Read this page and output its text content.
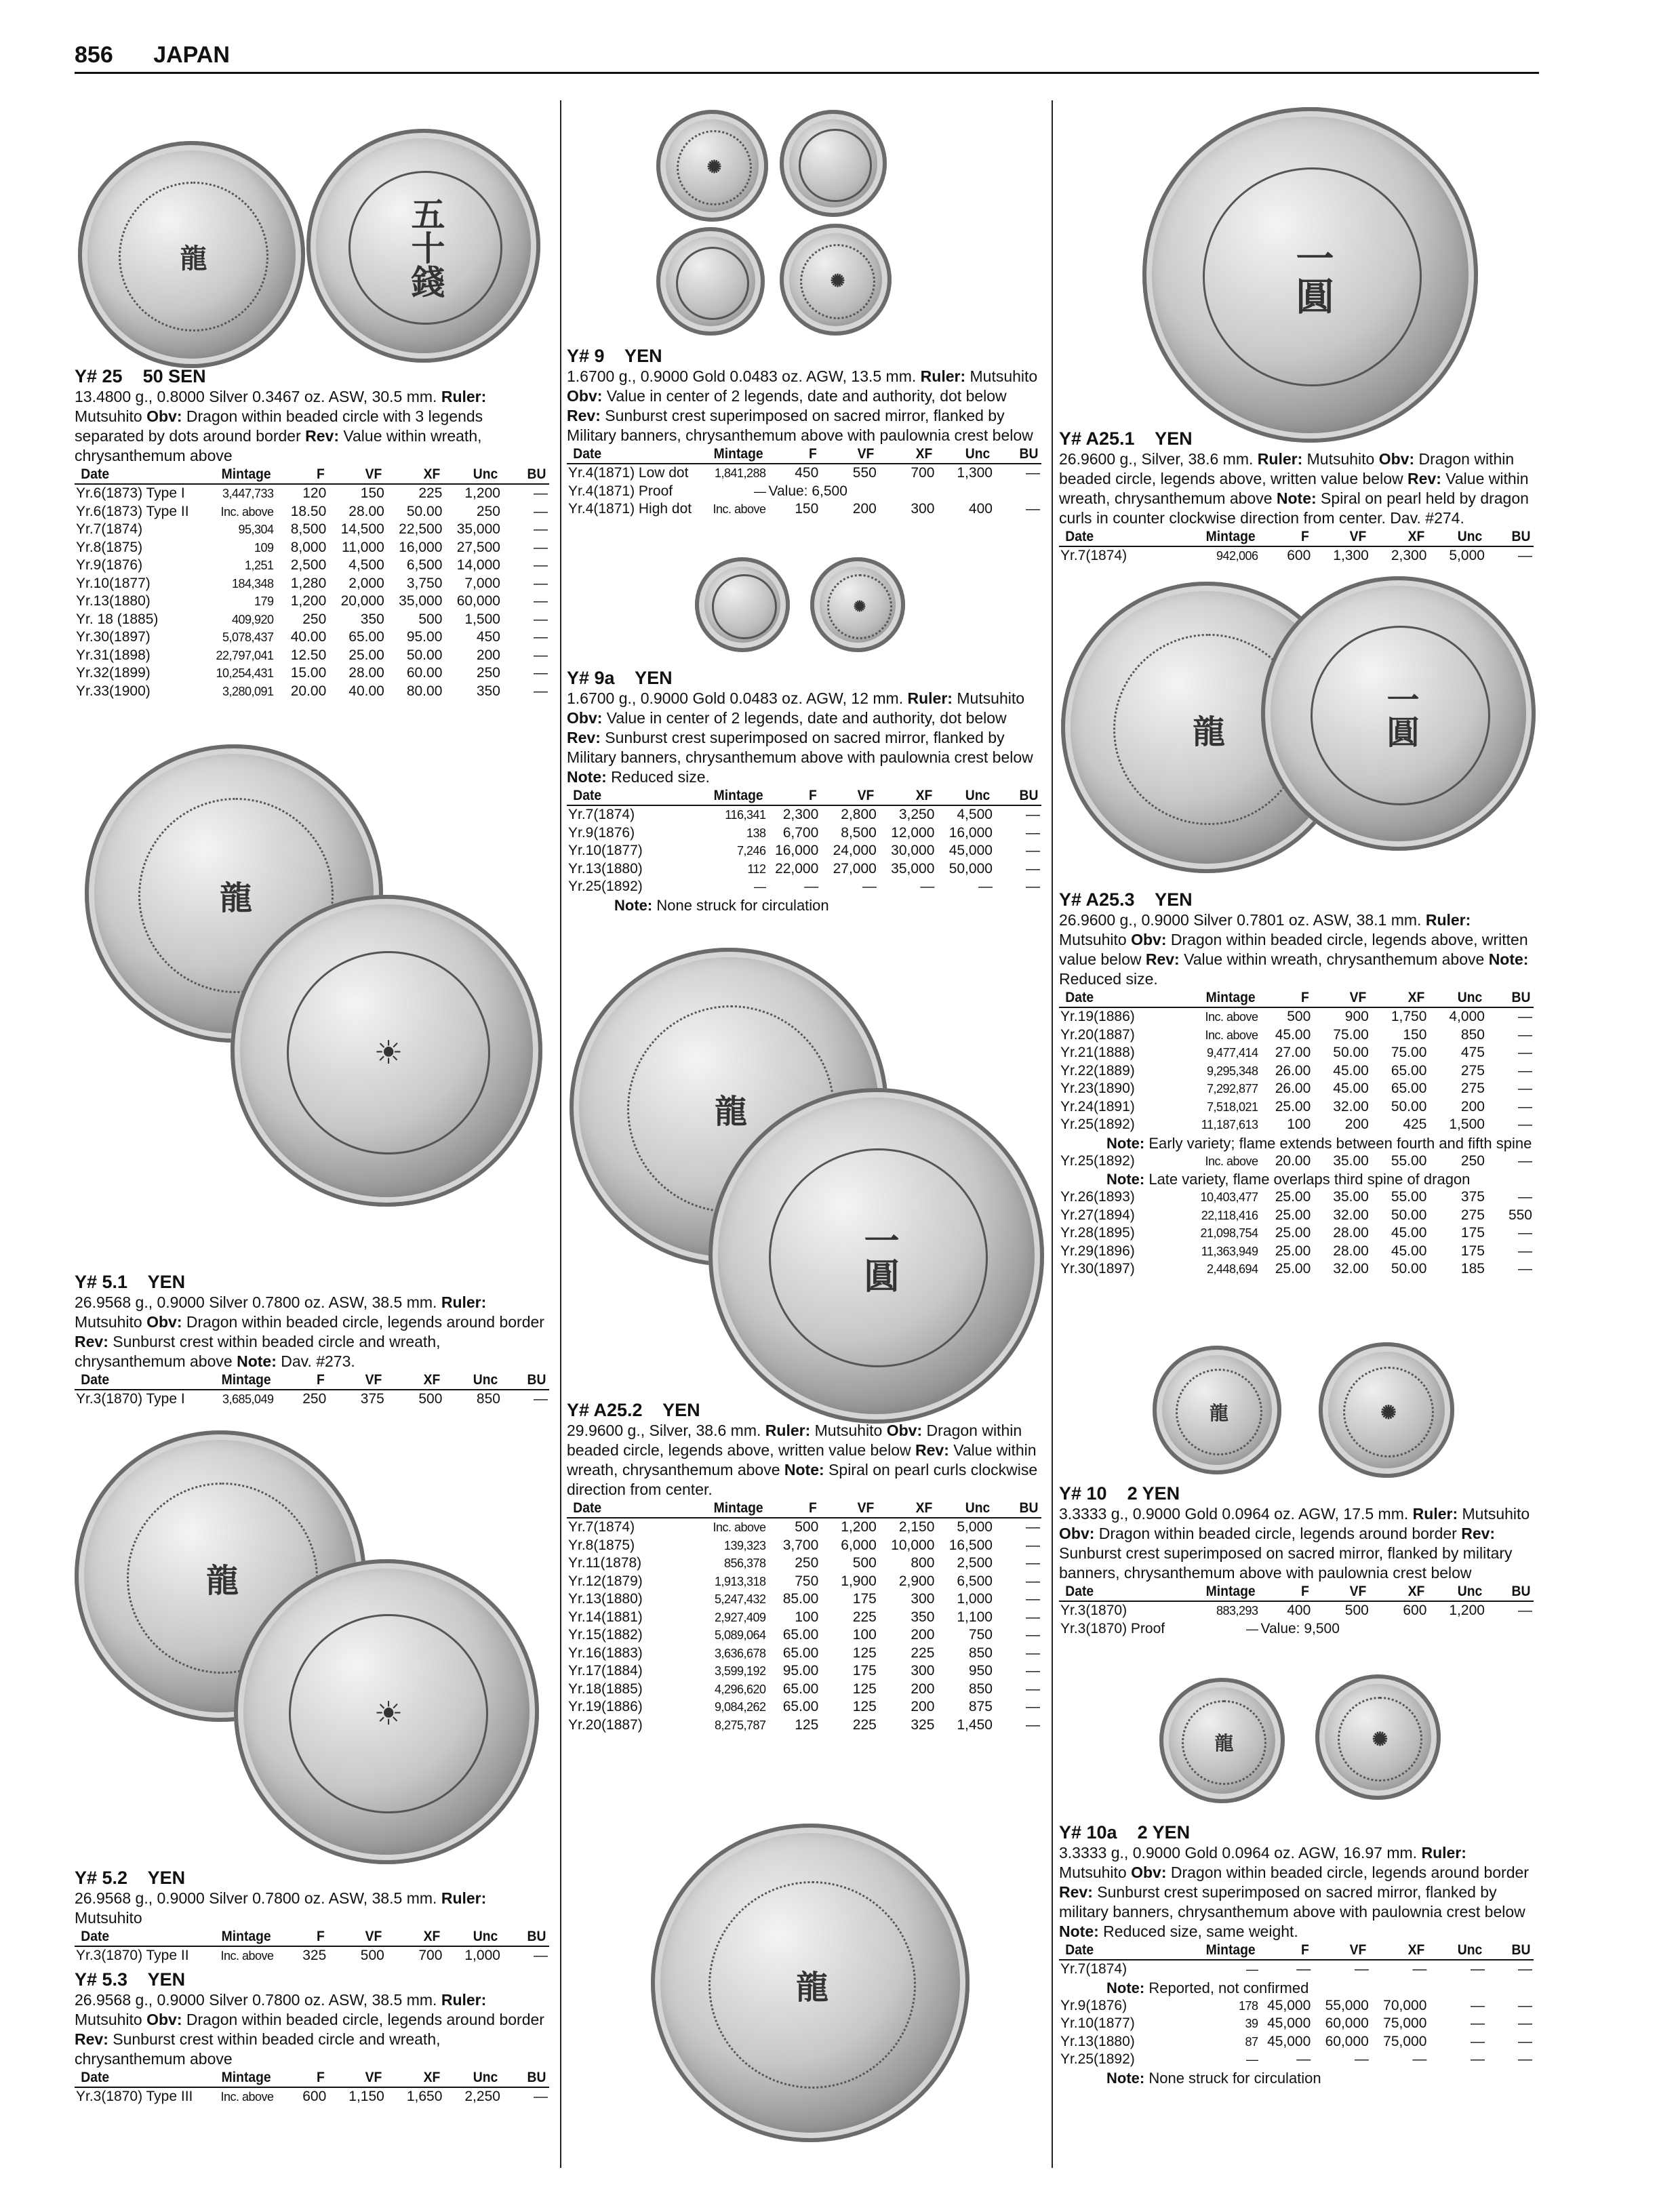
856 JAPAN
龍	五十錢
Y# 25    50 SEN
13.4800 g., 0.8000 Silver 0.3467 oz. ASW, 30.5 mm. Ruler: Mutsuhito Obv: Dragon within beaded circle with 3 legends separated by dots around border Rev: Value within wreath, chrysanthemum above
Date	Mintage	F	VF	XF	Unc	BU
Yr.6(1873) Type I	3,447,733	120	150	225	1,200	—
Yr.6(1873) Type II	Inc. above	18.50	28.00	50.00	250	—
Yr.7(1874)	95,304	8,500	14,500	22,500	35,000	—
Yr.8(1875)	109	8,000	11,000	16,000	27,500	—
Yr.9(1876)	1,251	2,500	4,500	6,500	14,000	—
Yr.10(1877)	184,348	1,280	2,000	3,750	7,000	—
Yr.13(1880)	179	1,200	20,000	35,000	60,000	—
Yr. 18 (1885)	409,920	250	350	500	1,500	—
Yr.30(1897)	5,078,437	40.00	65.00	95.00	450	—
Yr.31(1898)	22,797,041	12.50	25.00	50.00	200	—
Yr.32(1899)	10,254,431	15.00	28.00	60.00	250	—
Yr.33(1900)	3,280,091	20.00	40.00	80.00	350	—
龍
☀
Y# 5.1    YEN
26.9568 g., 0.9000 Silver 0.7800 oz. ASW, 38.5 mm. Ruler: Mutsuhito Obv: Dragon within beaded circle, legends around border Rev: Sunburst crest within beaded circle and wreath, chrysanthemum above Note: Dav. #273.
Date	Mintage	F	VF	XF	Unc	BU
Yr.3(1870) Type I	3,685,049	250	375	500	850	—
龍
☀
Y# 5.2    YEN
26.9568 g., 0.9000 Silver 0.7800 oz. ASW, 38.5 mm. Ruler: Mutsuhito
Date	Mintage	F	VF	XF	Unc	BU
Yr.3(1870) Type II	Inc. above	325	500	700	1,000	—
Y# 5.3    YEN
26.9568 g., 0.9000 Silver 0.7800 oz. ASW, 38.5 mm. Ruler: Mutsuhito Obv: Dragon within beaded circle, legends around border Rev: Sunburst crest within beaded circle and wreath, chrysanthemum above
Date	Mintage	F	VF	XF	Unc	BU
Yr.3(1870) Type III	Inc. above	600	1,150	1,650	2,250	—
✺
✺
Y# 9    YEN
1.6700 g., 0.9000 Gold 0.0483 oz. AGW, 13.5 mm. Ruler: Mutsuhito Obv: Value in center of 2 legends, date and authority, dot below Rev: Sunburst crest superimposed on sacred mirror, flanked by Military banners, chrysanthemum above with paulownia crest below
Date	Mintage	F	VF	XF	Unc	BU
Yr.4(1871) Low dot	1,841,288	450	550	700	1,300	—
Yr.4(1871) Proof	—	Value: 6,500				
Yr.4(1871) High dot	Inc. above	150	200	300	400	—
✺
Y# 9a    YEN
1.6700 g., 0.9000 Gold 0.0483 oz. AGW, 12 mm. Ruler: Mutsuhito Obv: Value in center of 2 legends, date and authority, dot below Rev: Sunburst crest superimposed on sacred mirror, flanked by Military banners, chrysanthemum above with paulownia crest below Note: Reduced size.
Date	Mintage	F	VF	XF	Unc	BU
Yr.7(1874)	116,341	2,300	2,800	3,250	4,500	—
Yr.9(1876)	138	6,700	8,500	12,000	16,000	—
Yr.10(1877)	7,246	16,000	24,000	30,000	45,000	—
Yr.13(1880)	112	22,000	27,000	35,000	50,000	—
Yr.25(1892)	—	—	—	—	—	—
Note: None struck for circulation
龍
一圓
Y# A25.2    YEN
29.9600 g., Silver, 38.6 mm. Ruler: Mutsuhito Obv: Dragon within beaded circle, legends above, written value below Rev: Value within wreath, chrysanthemum above Note: Spiral on pearl curls clockwise direction from center.
Date	Mintage	F	VF	XF	Unc	BU
Yr.7(1874)	Inc. above	500	1,200	2,150	5,000	—
Yr.8(1875)	139,323	3,700	6,000	10,000	16,500	—
Yr.11(1878)	856,378	250	500	800	2,500	—
Yr.12(1879)	1,913,318	750	1,900	2,900	6,500	—
Yr.13(1880)	5,247,432	85.00	175	300	1,000	—
Yr.14(1881)	2,927,409	100	225	350	1,100	—
Yr.15(1882)	5,089,064	65.00	100	200	750	—
Yr.16(1883)	3,636,678	65.00	125	225	850	—
Yr.17(1884)	3,599,192	95.00	175	300	950	—
Yr.18(1885)	4,296,620	65.00	125	200	850	—
Yr.19(1886)	9,084,262	65.00	125	200	875	—
Yr.20(1887)	8,275,787	125	225	325	1,450	—
龍
一圓
Y# A25.1    YEN
26.9600 g., Silver, 38.6 mm. Ruler: Mutsuhito Obv: Dragon within beaded circle, legends above, written value below Rev: Value within wreath, chrysanthemum above Note: Spiral on pearl held by dragon curls in counter clockwise direction from center. Dav. #274.
Date	Mintage	F	VF	XF	Unc	BU
Yr.7(1874)	942,006	600	1,300	2,300	5,000	—
龍	一圓
Y# A25.3    YEN
26.9600 g., 0.9000 Silver 0.7801 oz. ASW, 38.1 mm. Ruler: Mutsuhito Obv: Dragon within beaded circle, legends above, written value below Rev: Value within wreath, chrysanthemum above Note: Reduced size.
Date	Mintage	F	VF	XF	Unc	BU
Yr.19(1886)	Inc. above	500	900	1,750	4,000	—
Yr.20(1887)	Inc. above	45.00	75.00	150	850	—
Yr.21(1888)	9,477,414	27.00	50.00	75.00	475	—
Yr.22(1889)	9,295,348	26.00	45.00	65.00	275	—
Yr.23(1890)	7,292,877	26.00	45.00	65.00	275	—
Yr.24(1891)	7,518,021	25.00	32.00	50.00	200	—
Yr.25(1892)	11,187,613	100	200	425	1,500	—
Note: Early variety; flame extends between fourth and fifth spine
Yr.25(1892)	Inc. above	20.00	35.00	55.00	250	—
Note: Late variety, flame overlaps third spine of dragon
Yr.26(1893)	10,403,477	25.00	35.00	55.00	375	—
Yr.27(1894)	22,118,416	25.00	32.00	50.00	275	550
Yr.28(1895)	21,098,754	25.00	28.00	45.00	175	—
Yr.29(1896)	11,363,949	25.00	28.00	45.00	175	—
Yr.30(1897)	2,448,694	25.00	32.00	50.00	185	—
龍	✺
Y# 10    2 YEN
3.3333 g., 0.9000 Gold 0.0964 oz. AGW, 17.5 mm. Ruler: Mutsuhito Obv: Dragon within beaded circle, legends around border Rev: Sunburst crest superimposed on sacred mirror, flanked by military banners, chrysanthemum above with paulownia crest below
Date	Mintage	F	VF	XF	Unc	BU
Yr.3(1870)	883,293	400	500	600	1,200	—
Yr.3(1870) Proof	—	Value: 9,500				
龍	✺
Y# 10a    2 YEN
3.3333 g., 0.9000 Gold 0.0964 oz. AGW, 16.97 mm. Ruler: Mutsuhito Obv: Dragon within beaded circle, legends around border Rev: Sunburst crest superimposed on sacred mirror, flanked by military banners, chrysanthemum above with paulownia crest below Note: Reduced size, same weight.
Date	Mintage	F	VF	XF	Unc	BU
Yr.7(1874)	—	—	—	—	—	—
Note: Reported, not confirmed
Yr.9(1876)	178	45,000	55,000	70,000	—	—
Yr.10(1877)	39	45,000	60,000	75,000	—	—
Yr.13(1880)	87	45,000	60,000	75,000	—	—
Yr.25(1892)	—	—	—	—	—	—
Note: None struck for circulation
